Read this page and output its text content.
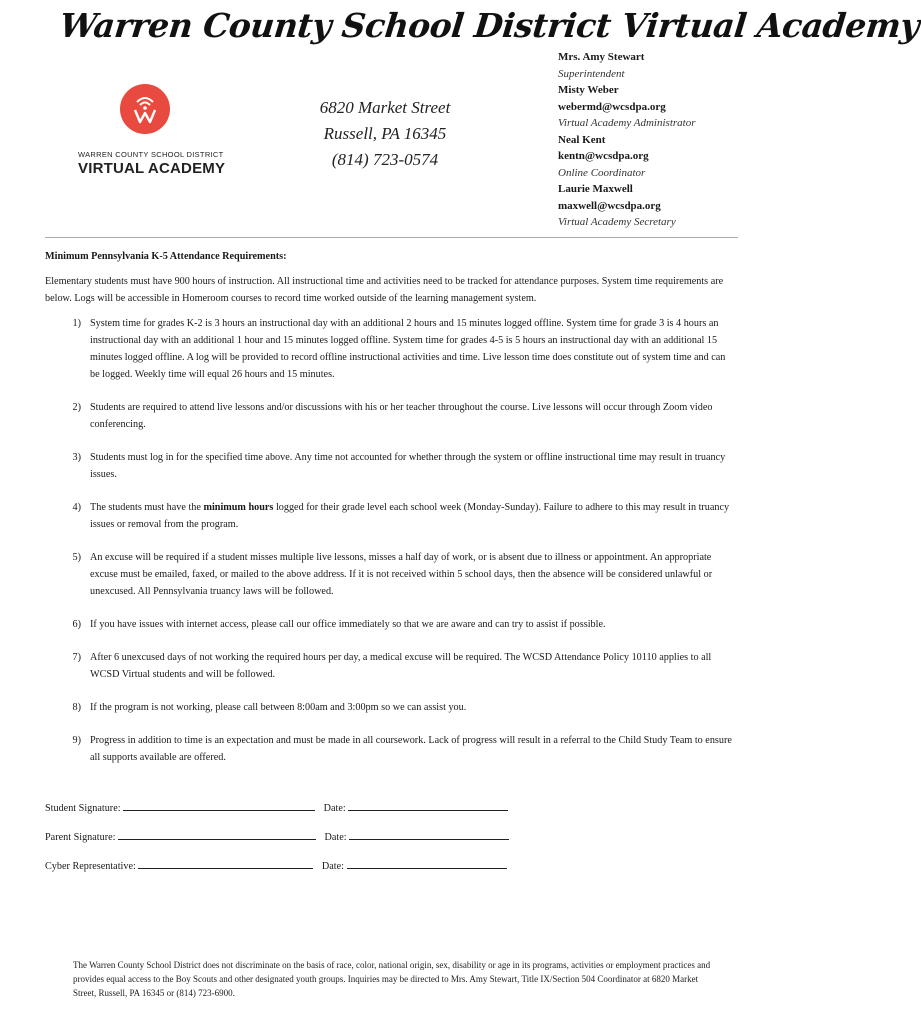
Warren County School District Virtual Academy
WARREN COUNTY SCHOOL DISTRICT
VIRTUAL ACADEMY
6820 Market Street
Russell, PA 16345
(814) 723-0574
Mrs. Amy Stewart
Superintendent
Misty Weber
webermd@wcsdpa.org
Virtual Academy Administrator
Neal Kent
kentn@wcsdpa.org
Online Coordinator
Laurie Maxwell
maxwell@wcsdpa.org
Virtual Academy Secretary
Minimum Pennsylvania K-5 Attendance Requirements:
Elementary students must have 900 hours of instruction. All instructional time and activities need to be tracked for attendance purposes. System time requirements are below. Logs will be accessible in Homeroom courses to record time worked outside of the learning management system.
1) System time for grades K-2 is 3 hours an instructional day with an additional 2 hours and 15 minutes logged offline. System time for grade 3 is 4 hours an instructional day with an additional 1 hour and 15 minutes logged offline. System time for grades 4-5 is 5 hours an instructional day with an additional 15 minutes logged offline. A log will be provided to record offline instructional activities and time. Live lesson time does constitute out of system time and can be logged. Weekly time will equal 26 hours and 15 minutes.
2) Students are required to attend live lessons and/or discussions with his or her teacher throughout the course. Live lessons will occur through Zoom video conferencing.
3) Students must log in for the specified time above. Any time not accounted for whether through the system or offline instructional time may result in truancy issues.
4) The students must have the minimum hours logged for their grade level each school week (Monday-Sunday). Failure to adhere to this may result in truancy issues or removal from the program.
5) An excuse will be required if a student misses multiple live lessons, misses a half day of work, or is absent due to illness or appointment. An appropriate excuse must be emailed, faxed, or mailed to the above address. If it is not received within 5 school days, then the absence will be considered unlawful or unexcused. All Pennsylvania truancy laws will be followed.
6) If you have issues with internet access, please call our office immediately so that we are aware and can try to assist if possible.
7) After 6 unexcused days of not working the required hours per day, a medical excuse will be required. The WCSD Attendance Policy 10110 applies to all WCSD Virtual students and will be followed.
8) If the program is not working, please call between 8:00am and 3:00pm so we can assist you.
9) Progress in addition to time is an expectation and must be made in all coursework. Lack of progress will result in a referral to the Child Study Team to ensure all supports available are offered.
Student Signature:	Date:
Parent Signature:	Date:
Cyber Representative:	Date:
The Warren County School District does not discriminate on the basis of race, color, national origin, sex, disability or age in its programs, activities or employment practices and provides equal access to the Boy Scouts and other designated youth groups. Inquiries may be directed to Mrs. Amy Stewart, Title IX/Section 504 Coordinator at 6820 Market Street, Russell, PA 16345 or (814) 723-6900.
